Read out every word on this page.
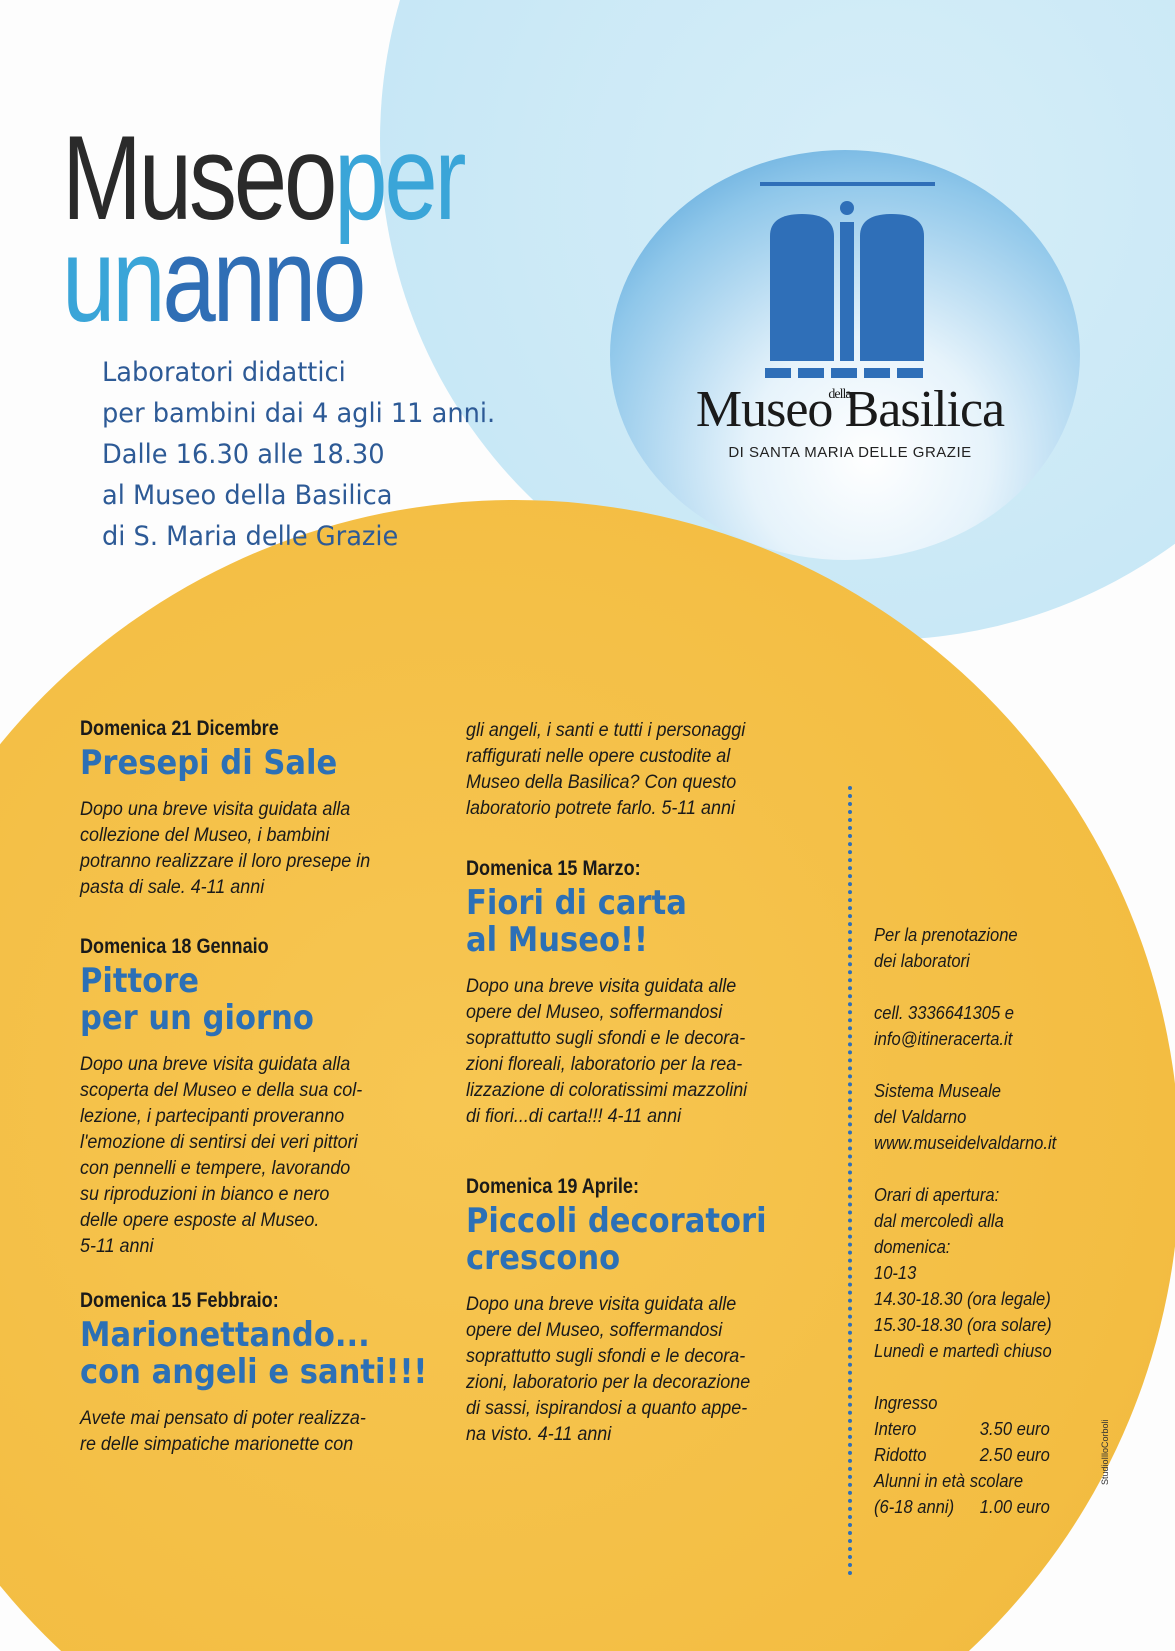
Museoper
unanno
Laboratori didattici
per bambini dai 4 agli 11 anni.
Dalle 16.30 alle 18.30
al Museo della Basilica
di S. Maria delle Grazie
Museo$^{della}$Basilica
DI SANTA MARIA DELLE GRAZIE
Domenica 21 Dicembre
Presepi di Sale
Dopo una breve visita guidata alla
collezione del Museo, i bambini
potranno realizzare il loro presepe in
pasta di sale. 4-11 anni
Domenica 18 Gennaio
Pittore
per un giorno
Dopo una breve visita guidata alla
scoperta del Museo e della sua col-
lezione, i partecipanti proveranno
l'emozione di sentirsi dei veri pittori
con pennelli e tempere, lavorando
su riproduzioni in bianco e nero
delle opere esposte al Museo.
5-11 anni
Domenica 15 Febbraio:
Marionettando...
con angeli e santi!!!
Avete mai pensato di poter realizza-
re delle simpatiche marionette con
gli angeli, i santi e tutti i personaggi
raffigurati nelle opere custodite al
Museo della Basilica? Con questo
laboratorio potrete farlo. 5-11 anni
Domenica 15 Marzo:
Fiori di carta
al Museo!!
Dopo una breve visita guidata alle
opere del Museo, soffermandosi
soprattutto sugli sfondi e le decora-
zioni floreali, laboratorio per la rea-
lizzazione di coloratissimi mazzolini
di fiori...di carta!!! 4-11 anni
Domenica 19 Aprile:
Piccoli decoratori
crescono
Dopo una breve visita guidata alle
opere del Museo, soffermandosi
soprattutto sugli sfondi e le decora-
zioni, laboratorio per la decorazione
di sassi, ispirandosi a quanto appe-
na visto. 4-11 anni
Per la prenotazione
dei laboratori
cell. 3336641305 e
info@itineracerta.it
Sistema Museale
del Valdarno
www.museidelvaldarno.it
Orari di apertura:
dal mercoledì alla
domenica:
10-13
14.30-18.30 (ora legale)
15.30-18.30 (ora solare)
Lunedì e martedì chiuso
Ingresso
Intero	3.50 euro
Ridotto	2.50 euro
Alunni in età scolare
(6-18 anni)	1.00 euro
StudioIlloCorboli
